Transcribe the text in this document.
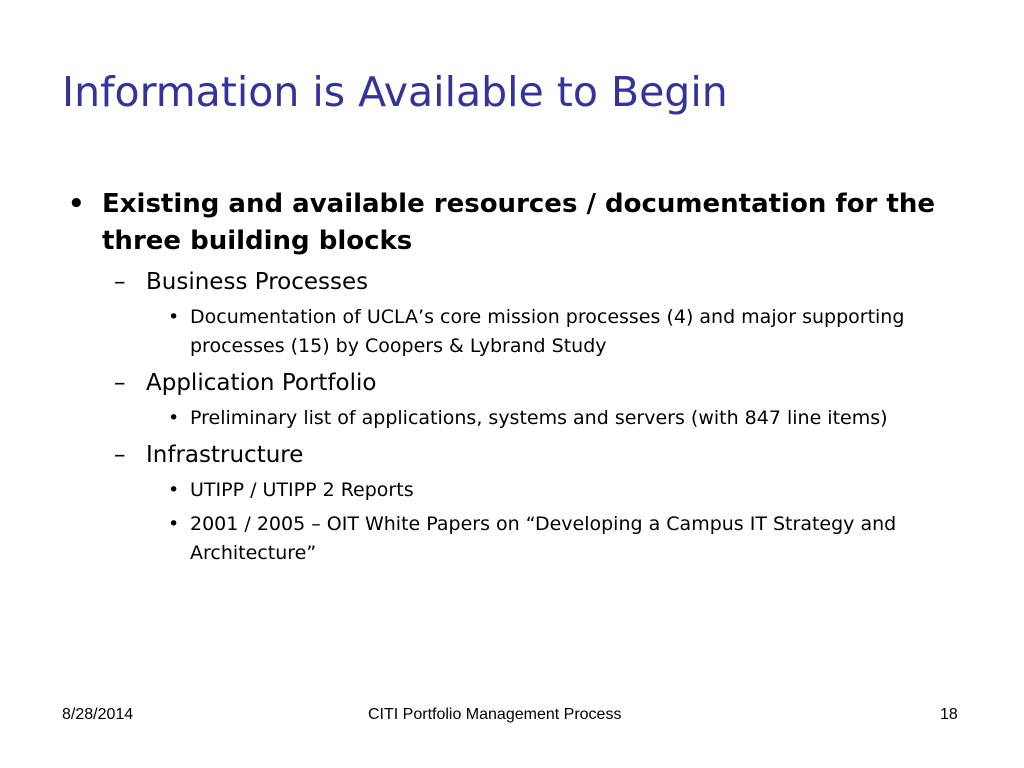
Information is Available to Begin
• Existing and available resources / documentation for the three building blocks
– Business Processes
• Documentation of UCLA’s core mission processes (4) and major supporting processes (15) by Coopers & Lybrand Study
– Application Portfolio
• Preliminary list of applications, systems and servers (with 847 line items)
– Infrastructure
• UTIPP / UTIPP 2 Reports
• 2001 / 2005 – OIT White Papers on “Developing a Campus IT Strategy and Architecture”
8/28/2014	CITI Portfolio Management Process	18
